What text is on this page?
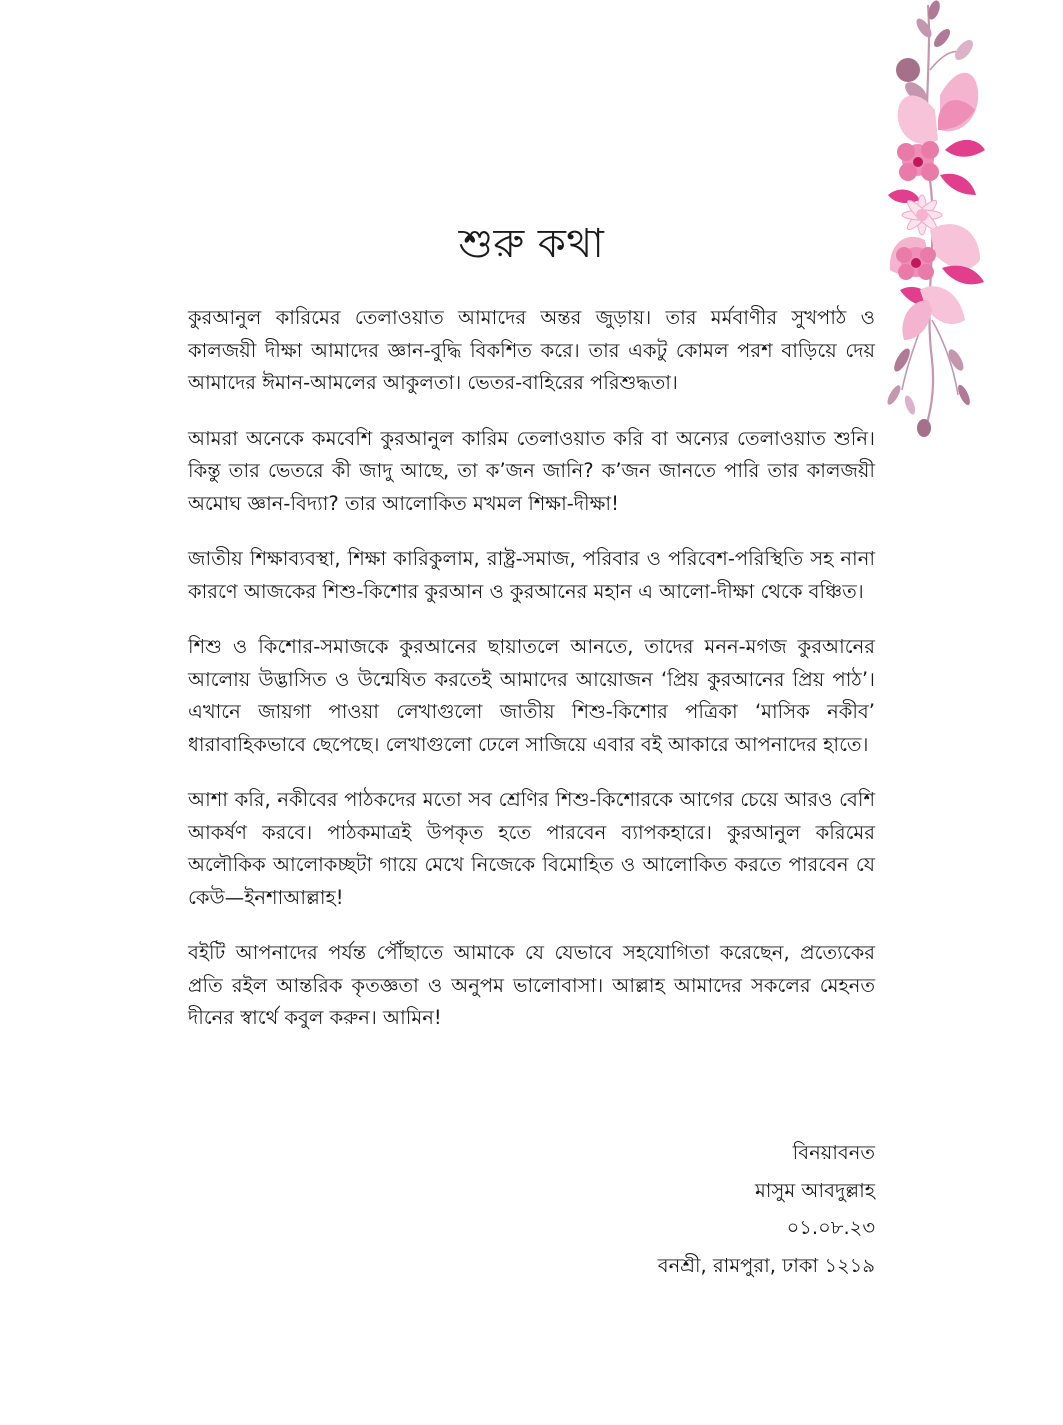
শুরু কথা

কুরআনুল কারিমের তেলাওয়াত আমাদের অন্তর জুড়ায়। তার মর্মবাণীর সুখপাঠ ও কালজয়ী দীক্ষা আমাদের জ্ঞান-বুদ্ধি বিকশিত করে। তার একটু কোমল পরশ বাড়িয়ে দেয় আমাদের ঈমান-আমলের আকুলতা। ভেতর-বাহিরের পরিশুদ্ধতা।

আমরা অনেকে কমবেশি কুরআনুল কারিম তেলাওয়াত করি বা অন্যের তেলাওয়াত শুনি। কিন্তু তার ভেতরে কী জাদু আছে, তা ক’জন জানি? ক’জন জানতে পারি তার কালজয়ী অমোঘ জ্ঞান-বিদ্যা? তার আলোকিত মখমল শিক্ষা-দীক্ষা!

জাতীয় শিক্ষাব্যবস্থা, শিক্ষা কারিকুলাম, রাষ্ট্র-সমাজ, পরিবার ও পরিবেশ-পরিস্থিতি সহ নানা কারণে আজকের শিশু-কিশোর কুরআন ও কুরআনের মহান এ আলো-দীক্ষা থেকে বঞ্চিত।

শিশু ও কিশোর-সমাজকে কুরআনের ছায়াতলে আনতে, তাদের মনন-মগজ কুরআনের আলোয় উদ্ভাসিত ও উন্মেষিত করতেই আমাদের আয়োজন ‘প্রিয় কুরআনের প্রিয় পাঠ’। এখানে জায়গা পাওয়া লেখাগুলো জাতীয় শিশু-কিশোর পত্রিকা ‘মাসিক নকীব’ ধারাবাহিকভাবে ছেপেছে। লেখাগুলো ঢেলে সাজিয়ে এবার বই আকারে আপনাদের হাতে।

আশা করি, নকীবের পাঠকদের মতো সব শ্রেণির শিশু-কিশোরকে আগের চেয়ে আরও বেশি আকর্ষণ করবে। পাঠকমাত্রই উপকৃত হতে পারবেন ব্যাপকহারে। কুরআনুল করিমের অলৌকিক আলোকচ্ছটা গায়ে মেখে নিজেকে বিমোহিত ও আলোকিত করতে পারবেন যে কেউ—ইনশাআল্লাহ!

বইটি আপনাদের পর্যন্ত পৌঁছাতে আমাকে যে যেভাবে সহযোগিতা করেছেন, প্রত্যেকের প্রতি রইল আন্তরিক কৃতজ্ঞতা ও অনুপম ভালোবাসা। আল্লাহ আমাদের সকলের মেহনত দীনের স্বার্থে কবুল করুন। আমিন!

বিনয়াবনত
মাসুম আবদুল্লাহ
০১.০৮.২৩
বনশ্রী, রামপুরা, ঢাকা ১২১৯
